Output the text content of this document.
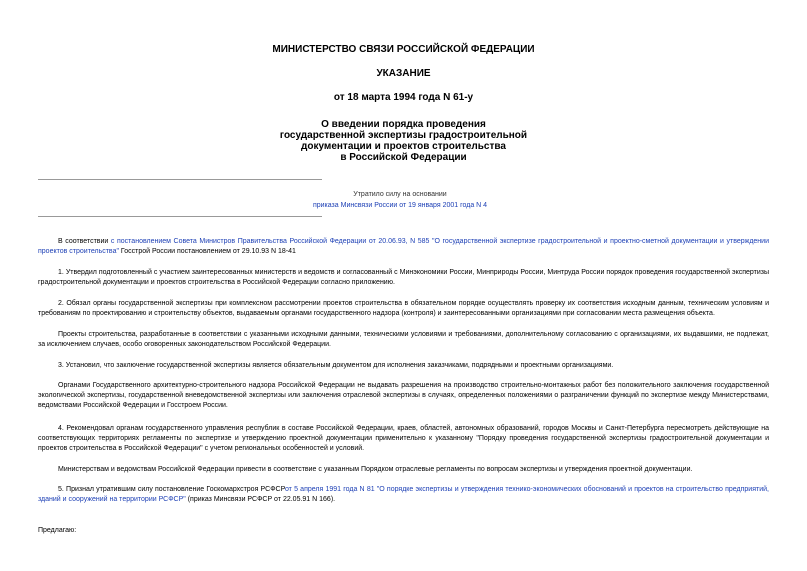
МИНИСТЕРСТВО СВЯЗИ РОССИЙСКОЙ ФЕДЕРАЦИИ
УКАЗАНИЕ
от 18 марта 1994 года N 61-у
О введении порядка проведения
государственной экспертизы градостроительной
документации и проектов строительства
в Российской Федерации
Утратило силу на основании
приказа Минсвязи России от 19 января 2001 года N 4
В соответствии с постановлением Совета Министров Правительства Российской Федерации от 20.06.93, N 585 "О государственной экспертизе градостроительной и проектно-сметной документации и утверждении проектов строительства" Госстрой России постановлением от 29.10.93 N 18-41
1. Утвердил подготовленный с участием заинтересованных министерств и ведомств и согласованный с Минэкономики России, Минприроды России, Минтруда России порядок проведения государственной экспертизы градостроительной документации и проектов строительства в Российской Федерации согласно приложению.
2. Обязал органы государственной экспертизы при комплексном рассмотрении проектов строительства в обязательном порядке осуществлять проверку их соответствия исходным данным, техническим условиям и требованиям по проектированию и строительству объектов, выдаваемым органами государственного надзора (контроля) и заинтересованными организациями при согласовании места размещения объекта.
Проекты строительства, разработанные в соответствии с указанными исходными данными, техническими условиями и требованиями, дополнительному согласованию с организациями, их выдавшими, не подлежат, за исключением случаев, особо оговоренных законодательством Российской Федерации.
3. Установил, что заключение государственной экспертизы является обязательным документом для исполнения заказчиками, подрядными и проектными организациями.
Органами Государственного архитектурно-строительного надзора Российской Федерации не выдавать разрешения на производство строительно-монтажных работ без положительного заключения государственной экологической экспертизы, государственной вневедомственной экспертизы или заключения отраслевой экспертизы в случаях, определенных положениями о разграничении функций по экспертизе между Министерствами, ведомствами Российской Федерации и Госстроем России.
4. Рекомендовал органам государственного управления республик в составе Российской Федерации, краев, областей, автономных образований, городов Москвы и Санкт-Петербурга пересмотреть действующие на соответствующих территориях регламенты по экспертизе и утверждению проектной документации применительно к указанному "Порядку проведения государственной экспертизы градостроительной документации и проектов строительства в Российской Федерации" с учетом региональных особенностей и условий.
Министерствам и ведомствам Российской Федерации привести в соответствие с указанным Порядком отраслевые регламенты по вопросам экспертизы и утверждения проектной документации.
5. Признал утратившим силу постановление Госкомархстроя РСФСРот 5 апреля 1991 года N 81 "О порядке экспертизы и утверждения технико-экономических обоснований и проектов на строительство предприятий, зданий и сооружений на территории РСФСР" (приказ Минсвязи РСФСР от 22.05.91 N 166).
Предлагаю:
